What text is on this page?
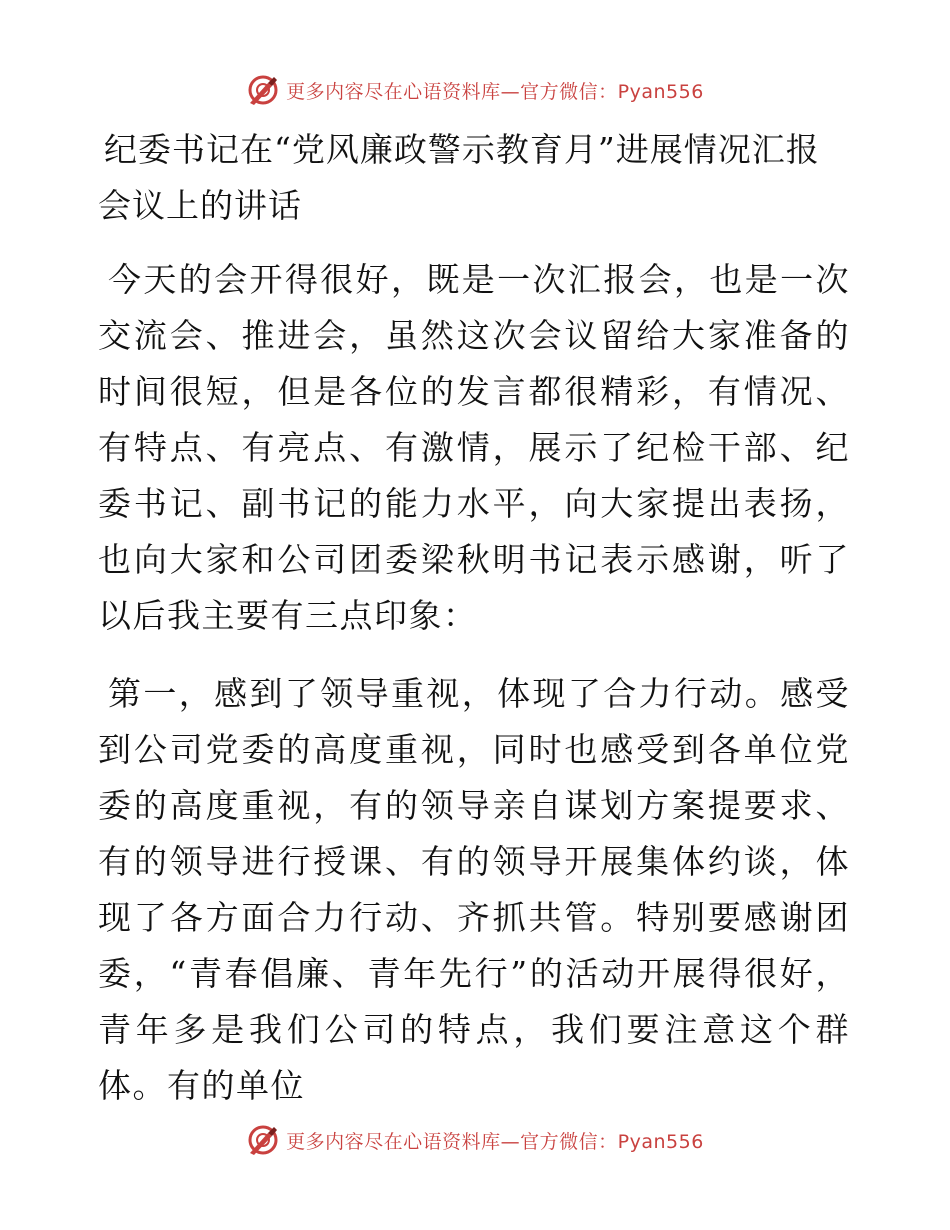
更多内容尽在心语资料库—官方微信：Pyan556
纪委书记在“党风廉政警示教育月”进展情况汇报会议上的讲话

今天的会开得很好，既是一次汇报会，也是一次交流会、推进会，虽然这次会议留给大家准备的时间很短，但是各位的发言都很精彩，有情况、有特点、有亮点、有激情，展示了纪检干部、纪委书记、副书记的能力水平，向大家提出表扬，也向大家和公司团委梁秋明书记表示感谢，听了以后我主要有三点印象：

第一，感到了领导重视，体现了合力行动。感受到公司党委的高度重视，同时也感受到各单位党委的高度重视，有的领导亲自谋划方案提要求、有的领导进行授课、有的领导开展集体约谈，体现了各方面合力行动、齐抓共管。特别要感谢团委，“青春倡廉、青年先行”的活动开展得很好，青年多是我们公司的特点，我们要注意这个群体。有的单位

更多内容尽在心语资料库—官方微信：Pyan556
